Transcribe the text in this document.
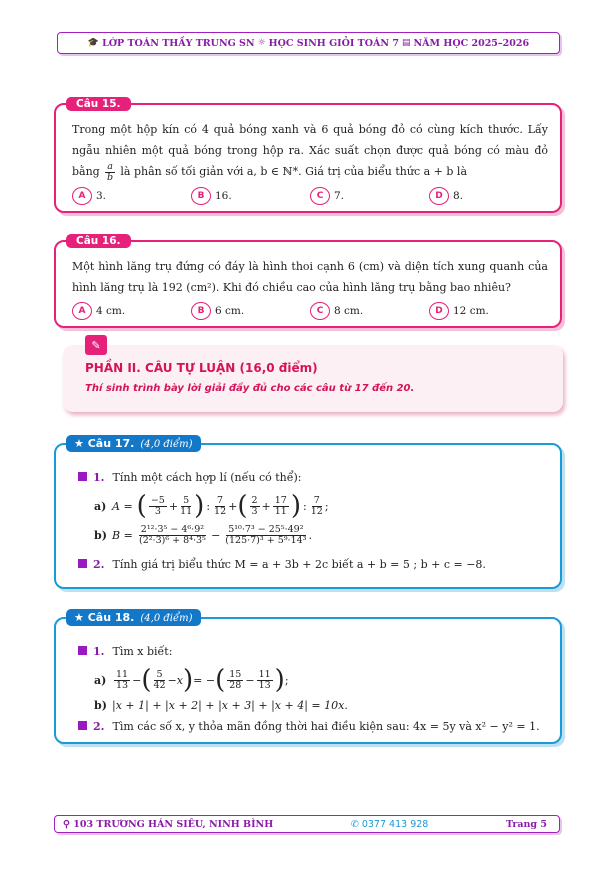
🎓 LỚP TOÁN THẦY TRUNG SN ☼ HỌC SINH GIỎI TOÁN 7 ▤ NĂM HỌC 2025–2026
Câu 15.
Trong một hộp kín có 4 quả bóng xanh và 6 quả bóng đỏ có cùng kích thước. Lấy ngẫu nhiên một quả bóng trong hộp ra. Xác suất chọn được quả bóng có màu đỏ bằng $\frac{a}{b}$ là phân số tối giản với a, b ∈ ℕ*. Giá trị của biểu thức a + b là
A	3.	B	16.	C	7.	D 8.
Câu 16.
Một hình lăng trụ đứng có đáy là hình thoi cạnh 6 (cm) và diện tích xung quanh của hình lăng trụ là 192 (cm²). Khi đó chiều cao của hình lăng trụ bằng bao nhiêu?
A	4 cm.	B	6 cm.	C	8 cm.	D 12 cm.
PHẦN II. CÂU TỰ LUẬN (16,0 điểm)
Thí sinh trình bày lời giải đầy đủ cho các câu từ 17 đến 20.
✎
★ Câu 17. (4,0 điểm)
1. Tính một cách hợp lí (nếu có thể):
a) A = ( $\frac{-5}{3} + \frac{5}{11}$ ) : $\frac{7}{12}$ + ( $\frac{2}{3} + \frac{17}{11}$ ) : $\frac{7}{12}$ ;
b) $B = \frac{\text{2¹²·3⁵ − 4⁶·9²}}{\text{(2²·3)⁶ + 8⁴·3⁵}} - \frac{\text{5¹⁰·7³ − 25⁵·49²}}{\text{(125·7)³ + 5⁹·14³}}$ .
2. Tính giá trị biểu thức M = a + 3b + 2c biết a + b = 5 ; b + c = −8.
★ Câu 18. (4,0 điểm)
1. Tìm x biết:
$a) \frac{11}{13}$ − ( $\frac{5}{42} - x$ ) = − ( $\frac{15}{28} - \frac{11}{13}$ ) ;
b) |x + 1| + |x + 2| + |x + 3| + |x + 4| = 10x.
2. Tìm các số x, y thỏa mãn đồng thời hai điều kiện sau: 4x = 5y và x² − y² = 1.
⚲ 103 TRƯƠNG HÁN SIÊU, NINH BÌNH	✆ 0377 413 928	Trang 5
